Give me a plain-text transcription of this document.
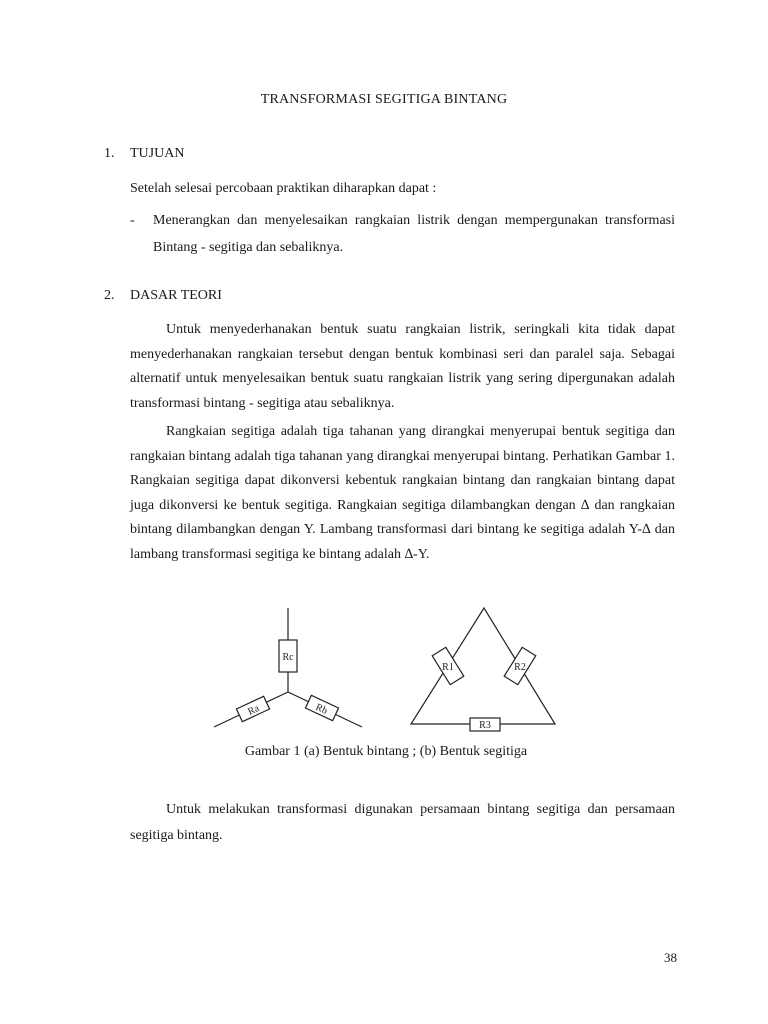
TRANSFORMASI SEGITIGA BINTANG
1. TUJUAN
Setelah selesai percobaan praktikan diharapkan dapat :
- Menerangkan dan menyelesaikan rangkaian listrik dengan mempergunakan transformasi Bintang - segitiga dan sebaliknya.
2. DASAR TEORI
Untuk menyederhanakan bentuk suatu rangkaian listrik, seringkali kita tidak dapat menyederhanakan rangkaian tersebut dengan bentuk kombinasi seri dan paralel saja. Sebagai alternatif untuk menyelesaikan bentuk suatu rangkaian listrik yang sering dipergunakan adalah transformasi bintang - segitiga atau sebaliknya.
Rangkaian segitiga adalah tiga tahanan yang dirangkai menyerupai bentuk segitiga dan rangkaian bintang adalah tiga tahanan yang dirangkai menyerupai bintang. Perhatikan Gambar 1. Rangkaian segitiga dapat dikonversi kebentuk rangkaian bintang dan rangkaian bintang dapat juga dikonversi ke bentuk segitiga. Rangkaian segitiga dilambangkan dengan ∆ dan rangkaian bintang dilambangkan dengan Y. Lambang transformasi dari bintang ke segitiga adalah Y-∆ dan lambang transformasi segitiga ke bintang adalah ∆-Y.
Rc
Ra	Rb
R1	R2
R3
Gambar 1 (a) Bentuk bintang ; (b) Bentuk segitiga
Untuk melakukan transformasi digunakan persamaan bintang segitiga dan persamaan segitiga bintang.
38
